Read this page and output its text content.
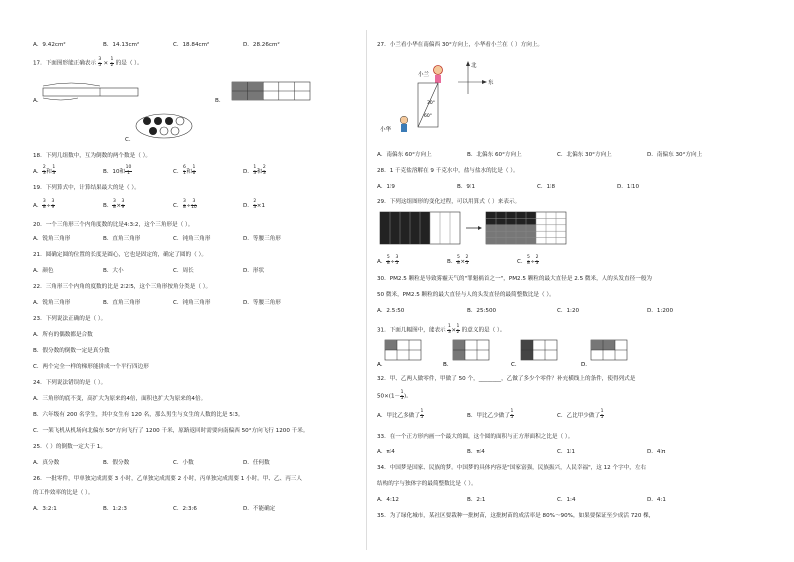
A．9.42cm²	B．14.13cm²	C．18.84cm²	D．28.26cm²
17．下面图形能正确表示 $\frac{3}{5} \times \frac{1}{2}$ 的是（ ）。
A．	B．
C．
18．下列几组数中，互为倒数的两个数是（ ）。
A． $\frac{2}{3}$ 和 $\frac{1}{3}$	B．10和 $\frac{10}{1}$	C． $\frac{6}{1}$ 和 $\frac{1}{6}$	D． $\frac{1}{3}$ 和 $\frac{2}{3}$
19．下列算式中，计算结果最大的是（ ）。
A． $\frac{3}{8} \div \frac{3}{9}$	B． $\frac{3}{8} \times \frac{3}{9}$	C． $\frac{3}{8} \div \frac{3}{10}$	D． $\frac{2}{3} \times 1$
20．一个三角形三个内角度数的比是4:3:2，这个三角形是（ ）。
A．锐角三角形	B．直角三角形	C．钝角三角形	D．等腰三角形
21．圆确定圆的位置的长度是圆心，它也是固定的，确定了圆的（ ）。
A．颜色	B．大小	C．周长	D．形状
22．三角形三个内角的度数的比是 2∶2∶5，这个三角形按角分类是（ ）。
A．锐角三角形	B．直角三角形	C．钝角三角形	D．等腰三角形
23．下列说法正确的是（ ）。
A．所有的偶数都是合数
B．假分数的倒数一定是真分数
C．两个完全一样的梯形能拼成一个平行四边形
24．下列说法错误的是（ ）。
A．三角形的底不变，高扩大为原来的4倍，面积也扩大为原来的4倍。
B．六年级有 200 名学生，其中女生有 120 名，那么男生与女生的人数的比是 5∶3。
C．一架飞机从机场向北偏东 50°方向飞行了 1200 千米，原路返回时需要向南偏西 50°方向飞行 1200 千米。
25．（ ）的倒数一定大于 1。
A．真分数	B．假分数	C．小数	D．任何数
26．一批零件，甲单独完成需要 3 小时，乙单独完成需要 2 小时，丙单独完成需要 1 小时。甲、乙、丙三人
的工作效率的比是（ ）。
A．3:2:1	B．1:2:3	C．2:3:6	D．不能确定
27．小兰看小华在南偏西 30°方向上，小华看小兰在（ ）方向上。
小兰
30°
60°
小华
北
东
A．南偏东 60°方向上	B．北偏东 60°方向上	C．北偏东 30°方向上	D．南偏东 30°方向上
28．1 千克盐溶解在 9 千克水中，盐与盐水的比是（ ）。
A．1∶9	B．9∶1	C．1∶8	D．1∶10
29．下列这组图形的变化过程，可以用算式（ ）来表示。
A． $\frac{5}{8} \div \frac{3}{5}$	B． $\frac{5}{8} \times \frac{2}{5}$	C． $\frac{5}{8} \div \frac{2}{3}$
30．PM2.5 颗粒是导致雾霾天气的"罪魁祸首之一"，PM2.5 颗粒的最大直径是 2.5 微米，人的头发直径一般为
50 微米，PM2.5 颗粒的最大直径与人的头发直径的最简整数比是（ ）。
A．2.5:50	B．25:500	C．1:20	D．1:200
31．下面几幅图中，能表示 $\frac{1}{3} \times \frac{1}{2}$ 的意义的是（ ）。
A．	B．	C．	D．
32．甲、乙两人做零件，甲做了 50 个，________，乙做了多少个零件？补充横线上的条件，使得列式是
$50\times(1- \frac{1}{5}$ )。
A．甲比乙多做了 $\frac{1}{5}$	B．甲比乙少做了 $\frac{1}{5}$	C．乙比甲少做了 $\frac{1}{5}$
33．在一个正方形内画一个最大的圆，这个圆的面积与正方形面积之比是（ ）。
A．π∶4	B．π∶4	C．1∶1	D．4∶π
34．中国梦是国家、民族的梦。中国梦的具体内容是"国家富强，民族振兴，人民幸福"，这 12 个字中，左右
结构的字与独体字的最简整数比是（ ）。
A．4:12	B．2:1	C．1:4	D．4:1
35．为了绿化城市，某社区要栽种一批树苗，这批树苗的成活率是 80%～90%，如果要保证至少成活 720 棵，
